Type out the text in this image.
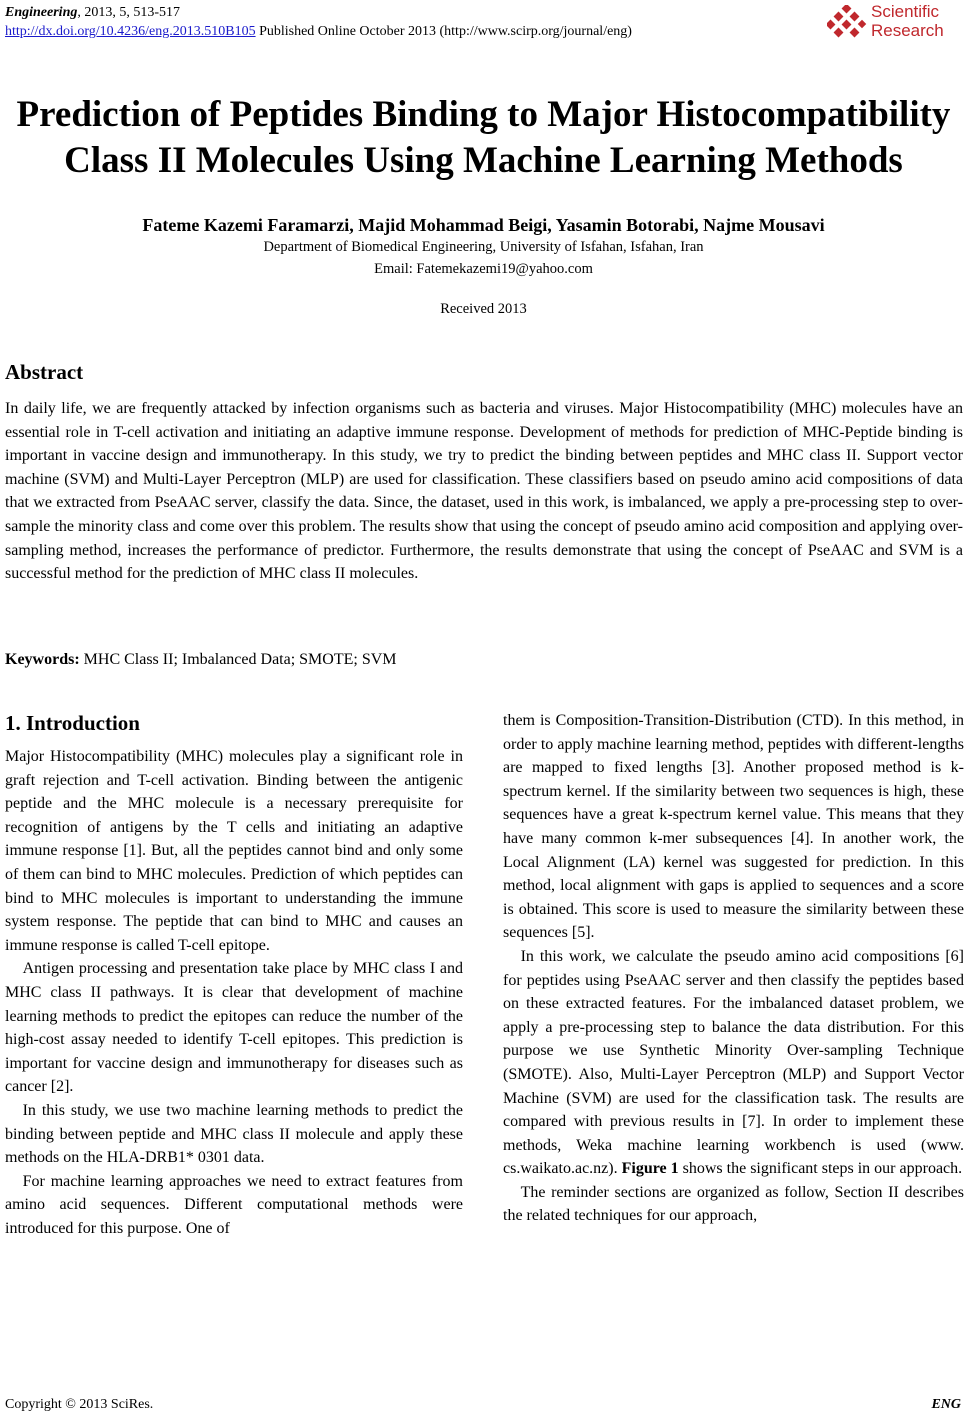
Engineering, 2013, 5, 513-517
http://dx.doi.org/10.4236/eng.2013.510B105 Published Online October 2013 (http://www.scirp.org/journal/eng)
Scientific
Research
Prediction of Peptides Binding to Major Histocompatibility
Class II Molecules Using Machine Learning Methods
Fateme Kazemi Faramarzi, Majid Mohammad Beigi, Yasamin Botorabi, Najme Mousavi
Department of Biomedical Engineering, University of Isfahan, Isfahan, Iran
Email: Fatemekazemi19@yahoo.com
Received 2013
Abstract

In daily life, we are frequently attacked by infection organisms such as bacteria and viruses. Major Histocompatibility (MHC) molecules have an essential role in T-cell activation and initiating an adaptive immune response. Development of methods for prediction of MHC-Peptide binding is important in vaccine design and immunotherapy. In this study, we try to predict the binding between peptides and MHC class II. Support vector machine (SVM) and Multi-Layer Perceptron (MLP) are used for classification. These classifiers based on pseudo amino acid compositions of data that we extracted from PseAAC server, classify the data. Since, the dataset, used in this work, is imbalanced, we apply a pre-processing step to over-sample the minority class and come over this problem. The results show that using the concept of pseudo amino acid composition and applying over-sampling method, increases the performance of predictor. Furthermore, the results demonstrate that using the concept of PseAAC and SVM is a successful method for the prediction of MHC class II molecules.

Keywords: MHC Class II; Imbalanced Data; SMOTE; SVM
1. Introduction

Major Histocompatibility (MHC) molecules play a significant role in graft rejection and T-cell activation. Binding between the antigenic peptide and the MHC molecule is a necessary prerequisite for recognition of antigens by the T cells and initiating an adaptive immune response [1]. But, all the peptides cannot bind and only some of them can bind to MHC molecules. Prediction of which peptides can bind to MHC molecules is important to understanding the immune system response. The peptide that can bind to MHC and causes an immune response is called T-cell epitope.

Antigen processing and presentation take place by MHC class I and MHC class II pathways. It is clear that development of machine learning methods to predict the epitopes can reduce the number of the high-cost assay needed to identify T-cell epitopes. This prediction is important for vaccine design and immunotherapy for diseases such as cancer [2].

In this study, we use two machine learning methods to predict the binding between peptide and MHC class II molecule and apply these methods on the HLA-DRB1* 0301 data.

For machine learning approaches we need to extract features from amino acid sequences. Different computational methods were introduced for this purpose. One of

them is Composition-Transition-Distribution (CTD). In this method, in order to apply machine learning method, peptides with different-lengths are mapped to fixed lengths [3]. Another proposed method is k-spectrum kernel. If the similarity between two sequences is high, these sequences have a great k-spectrum kernel value. This means that they have many common k-mer subsequences [4]. In another work, the Local Alignment (LA) kernel was suggested for prediction. In this method, local alignment with gaps is applied to sequences and a score is obtained. This score is used to measure the similarity between these sequences [5].

In this work, we calculate the pseudo amino acid compositions [6] for peptides using PseAAC server and then classify the peptides based on these extracted features. For the imbalanced dataset problem, we apply a pre-processing step to balance the data distribution. For this purpose we use Synthetic Minority Over-sampling Technique (SMOTE). Also, Multi-Layer Perceptron (MLP) and Support Vector Machine (SVM) are used for the classification task. The results are compared with previous results in [7]. In order to implement these methods, Weka machine learning workbench is used (www. cs.waikato.ac.nz). Figure 1 shows the significant steps in our approach.

The reminder sections are organized as follow, Section II describes the related techniques for our approach,

Copyright © 2013 SciRes.	ENG
